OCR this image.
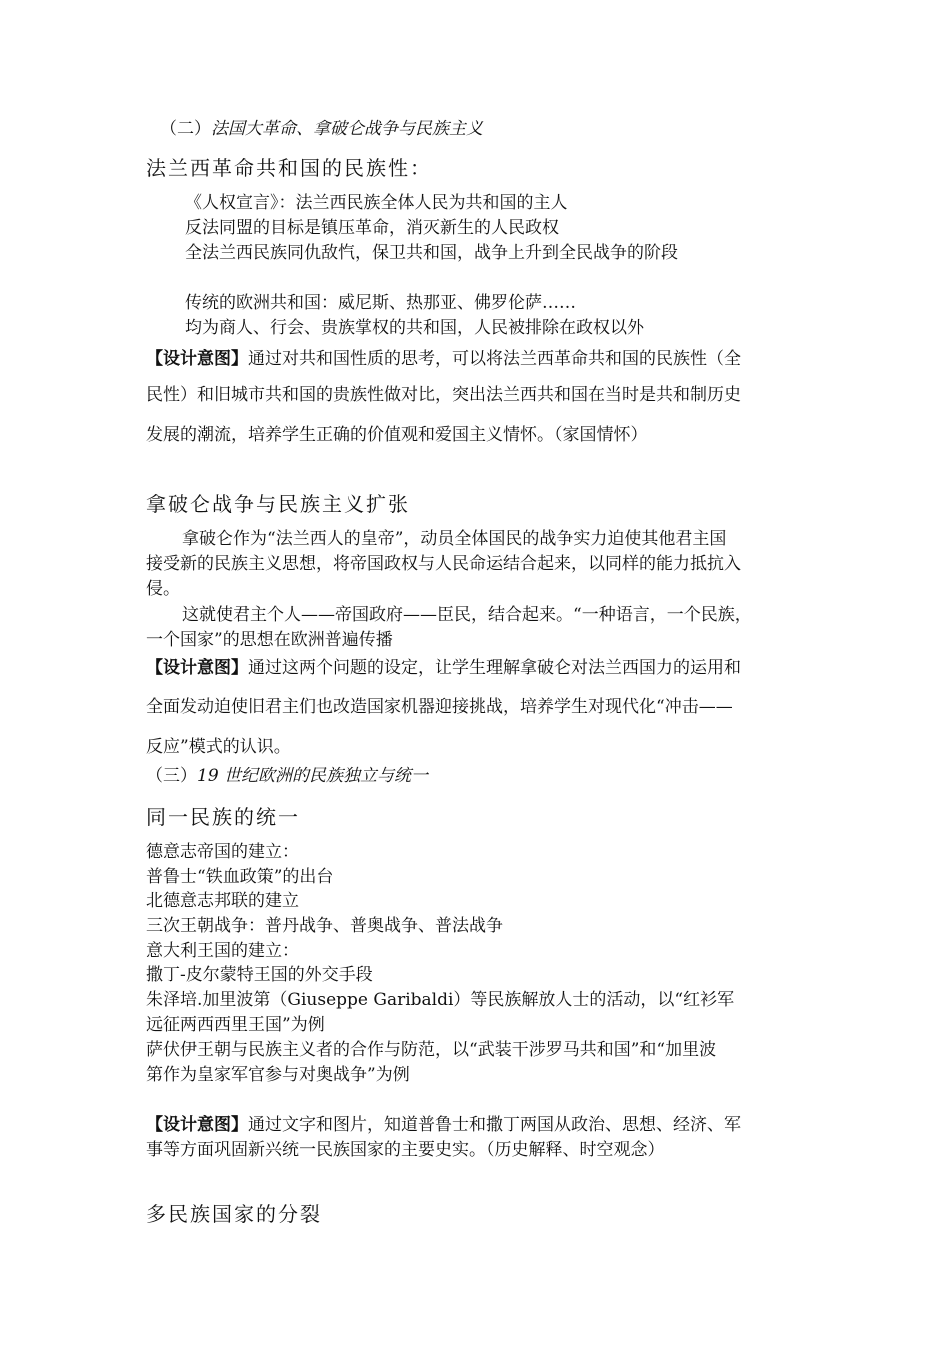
（二）法国大革命、拿破仑战争与民族主义
法兰西革命共和国的民族性：
《人权宣言》：法兰西民族全体人民为共和国的主人
反法同盟的目标是镇压革命，消灭新生的人民政权
全法兰西民族同仇敌忾，保卫共和国，战争上升到全民战争的阶段
传统的欧洲共和国：威尼斯、热那亚、佛罗伦萨……
均为商人、行会、贵族掌权的共和国，人民被排除在政权以外
【设计意图】通过对共和国性质的思考，可以将法兰西革命共和国的民族性（全
民性）和旧城市共和国的贵族性做对比，突出法兰西共和国在当时是共和制历史
发展的潮流，培养学生正确的价值观和爱国主义情怀。（家国情怀）
拿破仑战争与民族主义扩张
拿破仑作为“法兰西人的皇帝”，动员全体国民的战争实力迫使其他君主国
接受新的民族主义思想，将帝国政权与人民命运结合起来，以同样的能力抵抗入
侵。
这就使君主个人——帝国政府——臣民，结合起来。“一种语言，一个民族，
一个国家”的思想在欧洲普遍传播
【设计意图】通过这两个问题的设定，让学生理解拿破仑对法兰西国力的运用和
全面发动迫使旧君主们也改造国家机器迎接挑战，培养学生对现代化“冲击——
反应”模式的认识。
（三）19 世纪欧洲的民族独立与统一
同一民族的统一
德意志帝国的建立：
普鲁士“铁血政策”的出台
北德意志邦联的建立
三次王朝战争：普丹战争、普奥战争、普法战争
意大利王国的建立：
撒丁-皮尔蒙特王国的外交手段
朱泽培.加里波第（Giuseppe Garibaldi）等民族解放人士的活动，以“红衫军
远征两西西里王国”为例
萨伏伊王朝与民族主义者的合作与防范，以“武装干涉罗马共和国”和“加里波
第作为皇家军官参与对奥战争”为例
【设计意图】通过文字和图片，知道普鲁士和撒丁两国从政治、思想、经济、军
事等方面巩固新兴统一民族国家的主要史实。（历史解释、时空观念）
多民族国家的分裂
